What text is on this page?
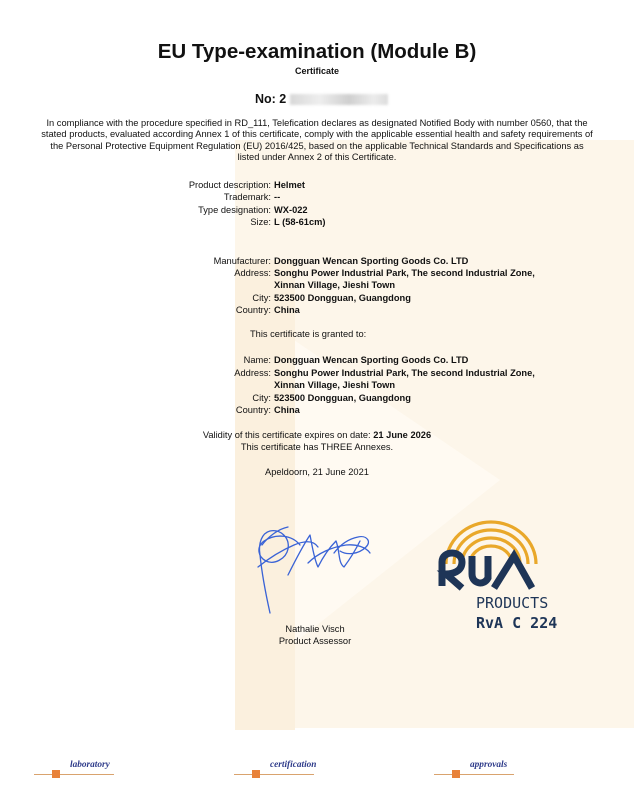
EU Type-examination (Module B)
Certificate
No: 2
In compliance with the procedure specified in RD_111, Telefication declares as designated Notified Body with number 0560, that the stated products, evaluated according Annex 1 of this certificate, comply with the applicable essential health and safety requirements of the Personal Protective Equipment Regulation (EU) 2016/425, based on the applicable Technical Standards and Specifications as listed under Annex 2 of this Certificate.
Product description: Helmet
Trademark: --
Type designation: WX-022
Size: L (58-61cm)
Manufacturer: Dongguan Wencan Sporting Goods Co. LTD
Address: Songhu Power Industrial Park, The second Industrial Zone,
Xinnan Village, Jieshi Town
City: 523500 Dongguan, Guangdong
Country: China
This certificate is granted to:
Name: Dongguan Wencan Sporting Goods Co. LTD
Address: Songhu Power Industrial Park, The second Industrial Zone,
Xinnan Village, Jieshi Town
City: 523500 Dongguan, Guangdong
Country: China
Validity of this certificate expires on date: 21 June 2026
This certificate has THREE Annexes.
Apeldoorn, 21 June 2021
Nathalie Visch
Product Assessor
PRODUCTS
RvA C 224
laboratory	certification	approvals
